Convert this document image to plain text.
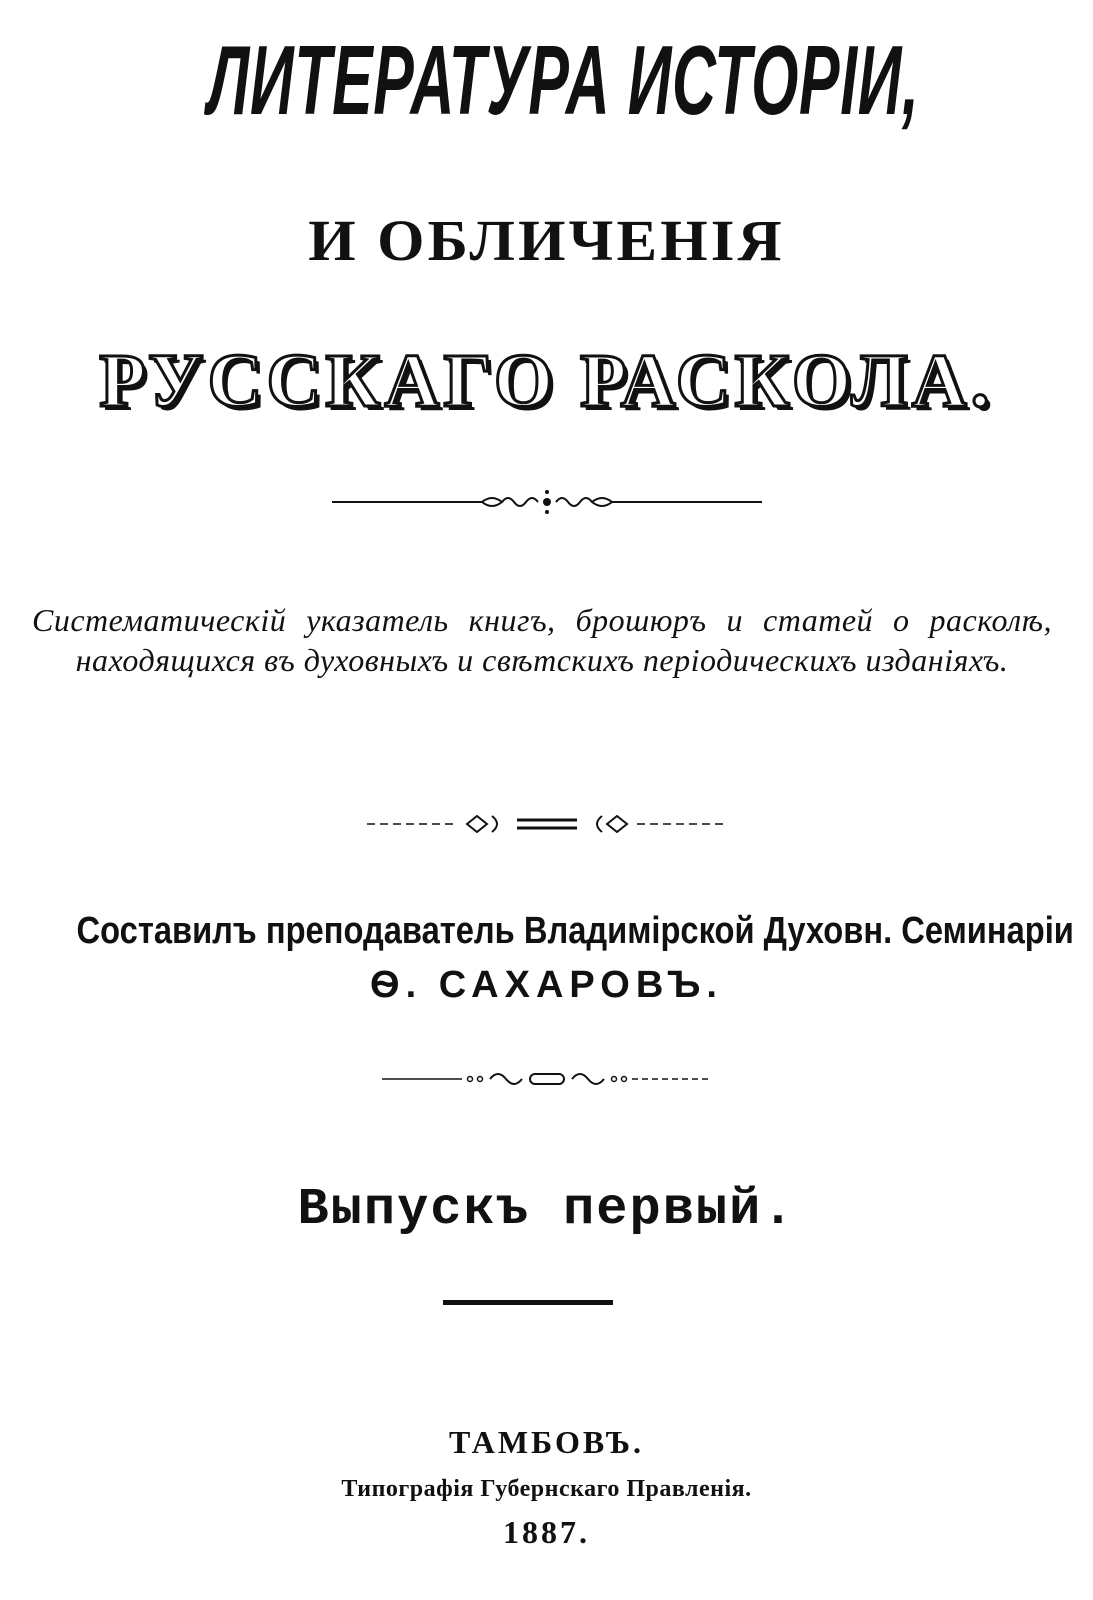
ЛИТЕРАТУРА ИСТОРІИ,
И ОБЛИЧЕНІЯ
РУССКАГО РАСКОЛА.
Систематическій указатель книгъ, брошюръ и статей о расколѣ, находящихся въ духовныхъ и свѣтскихъ періодическихъ изданіяхъ.
Составилъ преподаватель Владимірской Духовн. Семинаріи
Ѳ. САХАРОВЪ.
Выпускъ первый.
ТАМБОВЪ.
Типографія Губернскаго Правленія.
1887.
